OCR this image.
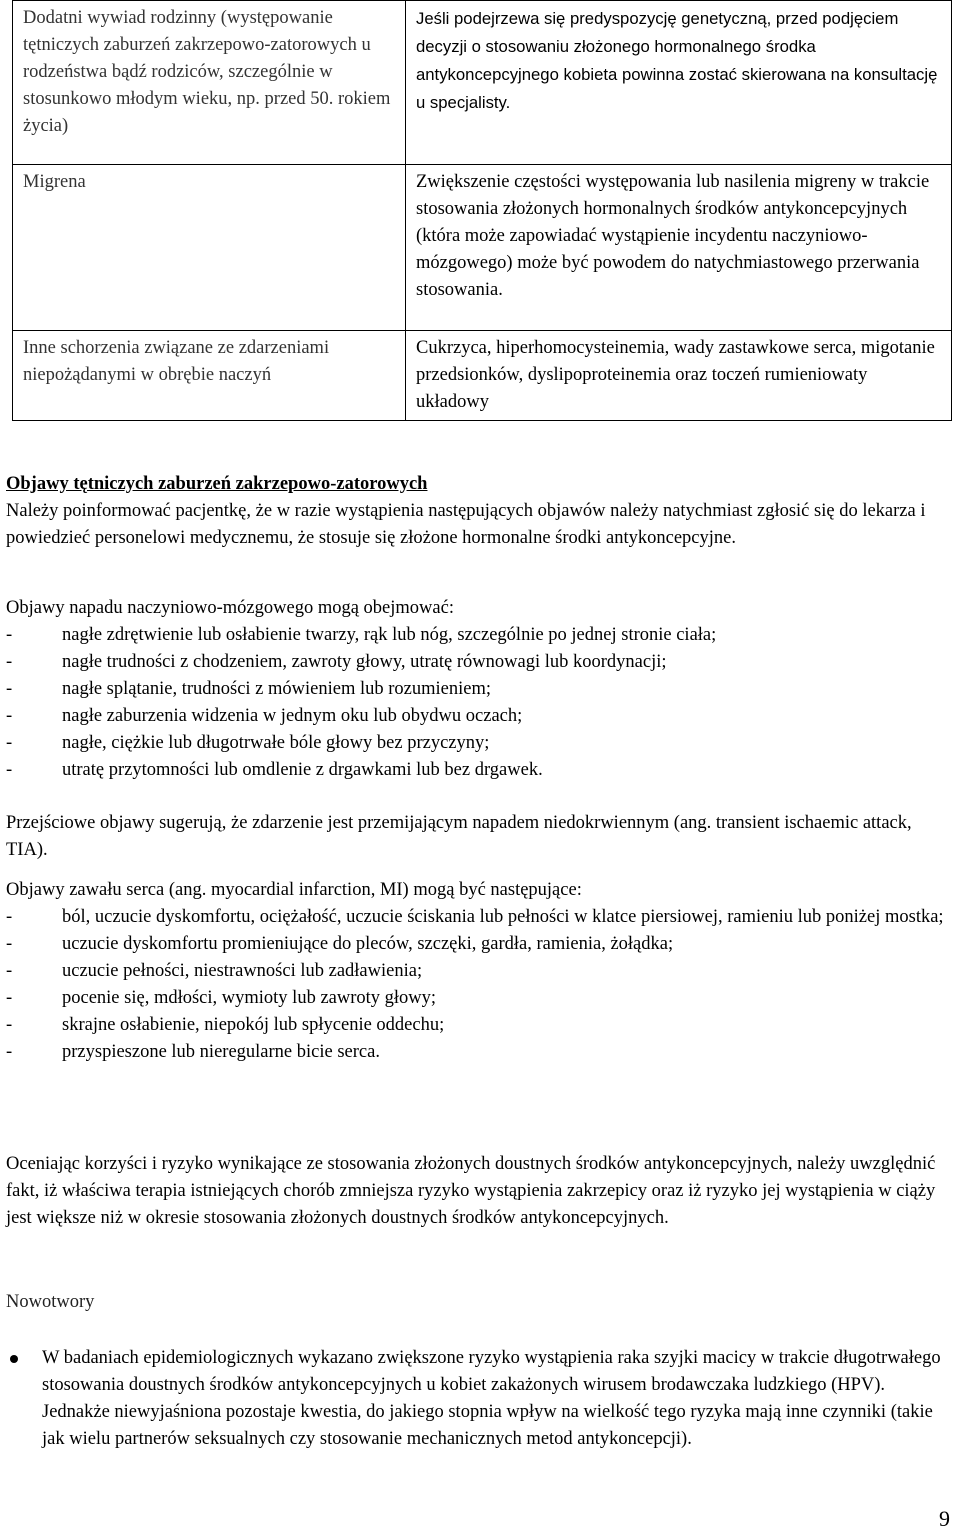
Dodatni wywiad rodzinny (występowanie tętniczych zaburzeń zakrzepowo-zatorowych u rodzeństwa bądź rodziców, szczególnie w stosunkowo młodym wieku, np. przed 50. rokiem życia)	Jeśli podejrzewa się predyspozycję genetyczną, przed podjęciem decyzji o stosowaniu złożonego hormonalnego środka antykoncepcyjnego kobieta powinna zostać skierowana na konsultację u specjalisty.
Migrena	Zwiększenie częstości występowania lub nasilenia migreny w trakcie stosowania złożonych hormonalnych środków antykoncepcyjnych (która może zapowiadać wystąpienie incydentu naczyniowo-mózgowego) może być powodem do natychmiastowego przerwania stosowania.
Inne schorzenia związane ze zdarzeniami niepożądanymi w obrębie naczyń	Cukrzyca, hiperhomocysteinemia, wady zastawkowe serca, migotanie przedsionków, dyslipoproteinemia oraz toczeń rumieniowaty układowy
Objawy tętniczych zaburzeń zakrzepowo-zatorowych

Należy poinformować pacjentkę, że w razie wystąpienia następujących objawów należy natychmiast zgłosić się do lekarza i powiedzieć personelowi medycznemu, że stosuje się złożone hormonalne środki antykoncepcyjne.

Objawy napadu naczyniowo-mózgowego mogą obejmować:

- nagłe zdrętwienie lub osłabienie twarzy, rąk lub nóg, szczególnie po jednej stronie ciała;
- nagłe trudności z chodzeniem, zawroty głowy, utratę równowagi lub koordynacji;
- nagłe splątanie, trudności z mówieniem lub rozumieniem;
- nagłe zaburzenia widzenia w jednym oku lub obydwu oczach;
- nagłe, ciężkie lub długotrwałe bóle głowy bez przyczyny;
- utratę przytomności lub omdlenie z drgawkami lub bez drgawek.

Przejściowe objawy sugerują, że zdarzenie jest przemijającym napadem niedokrwiennym (ang. transient ischaemic attack, TIA).

Objawy zawału serca (ang. myocardial infarction, MI) mogą być następujące:

- ból, uczucie dyskomfortu, ociężałość, uczucie ściskania lub pełności w klatce piersiowej, ramieniu lub poniżej mostka;
- uczucie dyskomfortu promieniujące do pleców, szczęki, gardła, ramienia, żołądka;
- uczucie pełności, niestrawności lub zadławienia;
- pocenie się, mdłości, wymioty lub zawroty głowy;
- skrajne osłabienie, niepokój lub spłycenie oddechu;
- przyspieszone lub nieregularne bicie serca.

Oceniając korzyści i ryzyko wynikające ze stosowania złożonych doustnych środków antykoncepcyjnych, należy uwzględnić fakt, iż właściwa terapia istniejących chorób zmniejsza ryzyko wystąpienia zakrzepicy oraz iż ryzyko jej wystąpienia w ciąży jest większe niż w okresie stosowania złożonych doustnych środków antykoncepcyjnych.

Nowotwory
W badaniach epidemiologicznych wykazano zwiększone ryzyko wystąpienia raka szyjki macicy w trakcie długotrwałego stosowania doustnych środków antykoncepcyjnych u kobiet zakażonych wirusem brodawczaka ludzkiego (HPV). Jednakże niewyjaśniona pozostaje kwestia, do jakiego stopnia wpływ na wielkość tego ryzyka mają inne czynniki (takie jak wielu partnerów seksualnych czy stosowanie mechanicznych metod antykoncepcji).
9
